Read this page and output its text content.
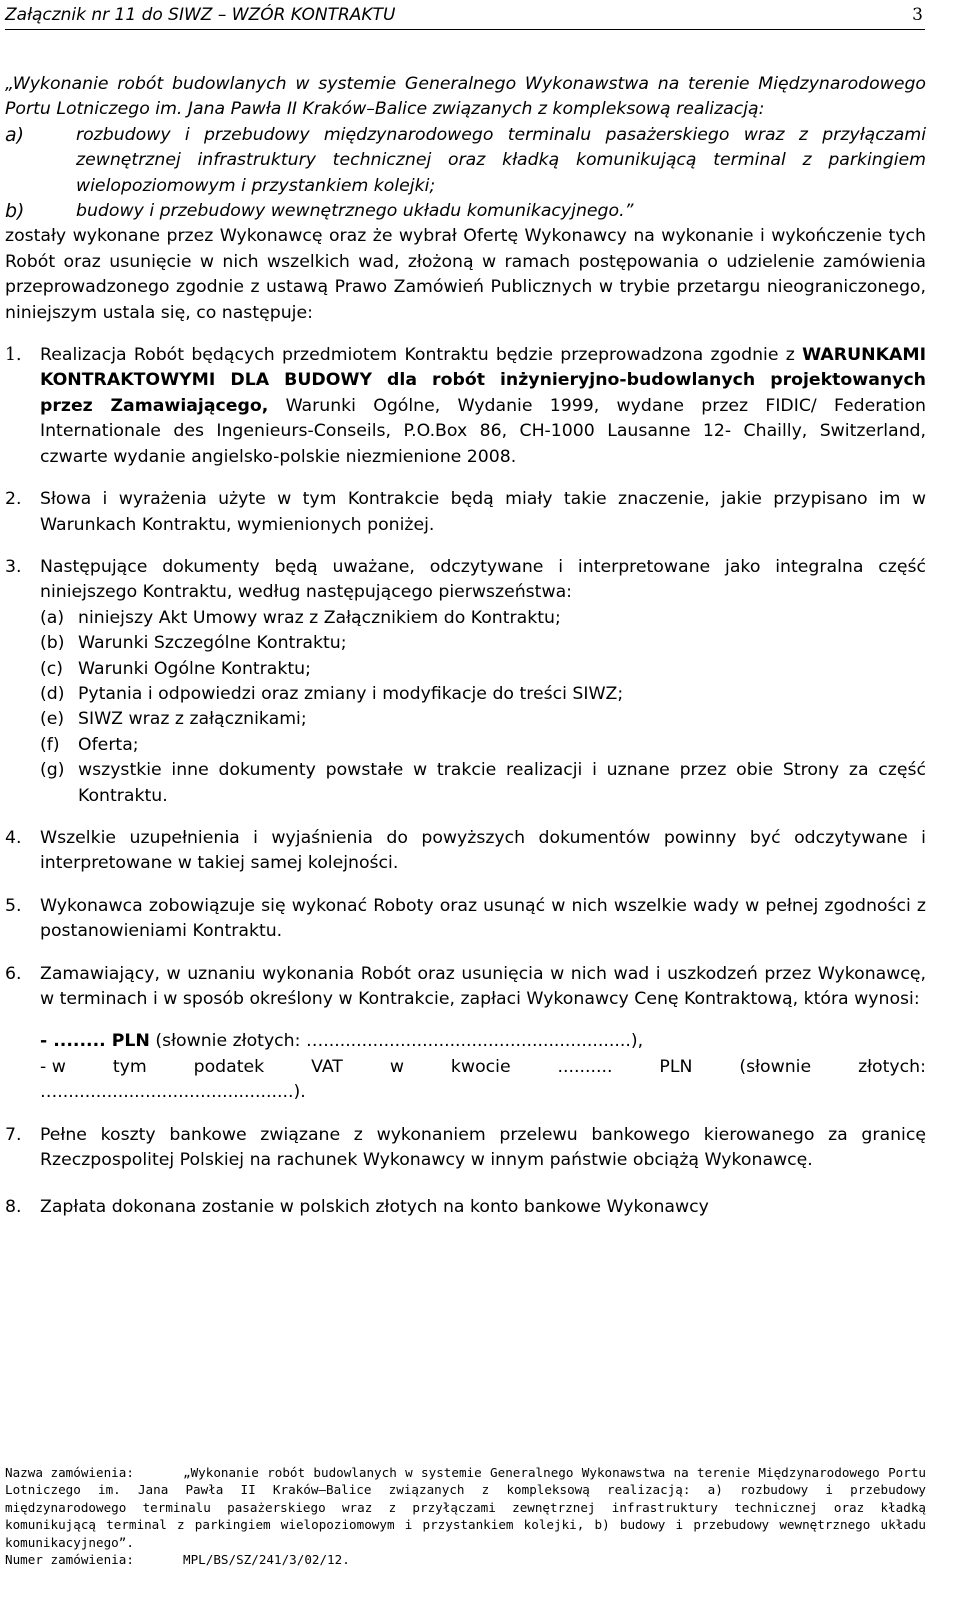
Załącznik nr 11 do SIWZ – WZÓR KONTRAKTU	3

„Wykonanie robót budowlanych w systemie Generalnego Wykonawstwa na terenie Międzynarodowego Portu Lotniczego im. Jana Pawła II Kraków–Balice związanych z kompleksową realizacją:

a)	rozbudowy i przebudowy międzynarodowego terminalu pasażerskiego wraz z przyłączami zewnętrznej infrastruktury technicznej oraz kładką komunikującą terminal z parkingiem wielopoziomowym i przystankiem kolejki;
b)	budowy i przebudowy wewnętrznego układu komunikacyjnego.”

zostały wykonane przez Wykonawcę oraz że wybrał Ofertę Wykonawcy na wykonanie i wykończenie tych Robót oraz usunięcie w nich wszelkich wad, złożoną w ramach postępowania o udzielenie zamówienia przeprowadzonego zgodnie z ustawą Prawo Zamówień Publicznych w trybie przetargu nieograniczonego, niniejszym ustala się, co następuje:

1. Realizacja Robót będących przedmiotem Kontraktu będzie przeprowadzona zgodnie z WARUNKAMI KONTRAKTOWYMI DLA BUDOWY dla robót inżynieryjno-budowlanych projektowanych przez Zamawiającego, Warunki Ogólne, Wydanie 1999, wydane przez FIDIC/ Federation Internationale des Ingenieurs-Conseils, P.O.Box 86, CH-1000 Lausanne 12- Chailly, Switzerland, czwarte wydanie angielsko-polskie niezmienione 2008.
2. Słowa i wyrażenia użyte w tym Kontrakcie będą miały takie znaczenie, jakie przypisano im w Warunkach Kontraktu, wymienionych poniżej.
3. Następujące dokumenty będą uważane, odczytywane i interpretowane jako integralna część niniejszego Kontraktu, według następującego pierwszeństwa:
(a) niniejszy Akt Umowy wraz z Załącznikiem do Kontraktu;
(b) Warunki Szczególne Kontraktu;
(c) Warunki Ogólne Kontraktu;
(d) Pytania i odpowiedzi oraz zmiany i modyfikacje do treści SIWZ;
(e) SIWZ wraz z załącznikami;
(f) Oferta;
(g) wszystkie inne dokumenty powstałe w trakcie realizacji i uznane przez obie Strony za część Kontraktu.
4. Wszelkie uzupełnienia i wyjaśnienia do powyższych dokumentów powinny być odczytywane i interpretowane w takiej samej kolejności.
5. Wykonawca zobowiązuje się wykonać Roboty oraz usunąć w nich wszelkie wady w pełnej zgodności z postanowieniami Kontraktu.
6. Zamawiający, w uznaniu wykonania Robót oraz usunięcia w nich wad i uszkodzeń przez Wykonawcę, w terminach i w sposób określony w Kontrakcie, zapłaci Wykonawcy Cenę Kontraktową, która wynosi:
- ........ PLN (słownie złotych: …........................................................),
- w	tym	podatek	VAT	w	kwocie	..........	PLN	(słownie	złotych:
…...........................................).
7. Pełne koszty bankowe związane z wykonaniem przelewu bankowego kierowanego za granicę Rzeczpospolitej Polskiej na rachunek Wykonawcy w innym państwie obciążą Wykonawcę.
8. Zapłata dokonana zostanie w polskich złotych na konto bankowe Wykonawcy
Nazwa zamówienia:	„Wykonanie robót budowlanych w systemie Generalnego Wykonawstwa na terenie Międzynarodowego Portu Lotniczego im. Jana Pawła II Kraków–Balice związanych z kompleksową realizacją: a) rozbudowy i przebudowy międzynarodowego terminalu pasażerskiego wraz z przyłączami zewnętrznej infrastruktury technicznej oraz kładką komunikującą terminal z parkingiem wielopoziomowym i przystankiem kolejki, b) budowy i przebudowy wewnętrznego układu komunikacyjnego”.
Numer zamówienia:	MPL/BS/SZ/241/3/02/12.
